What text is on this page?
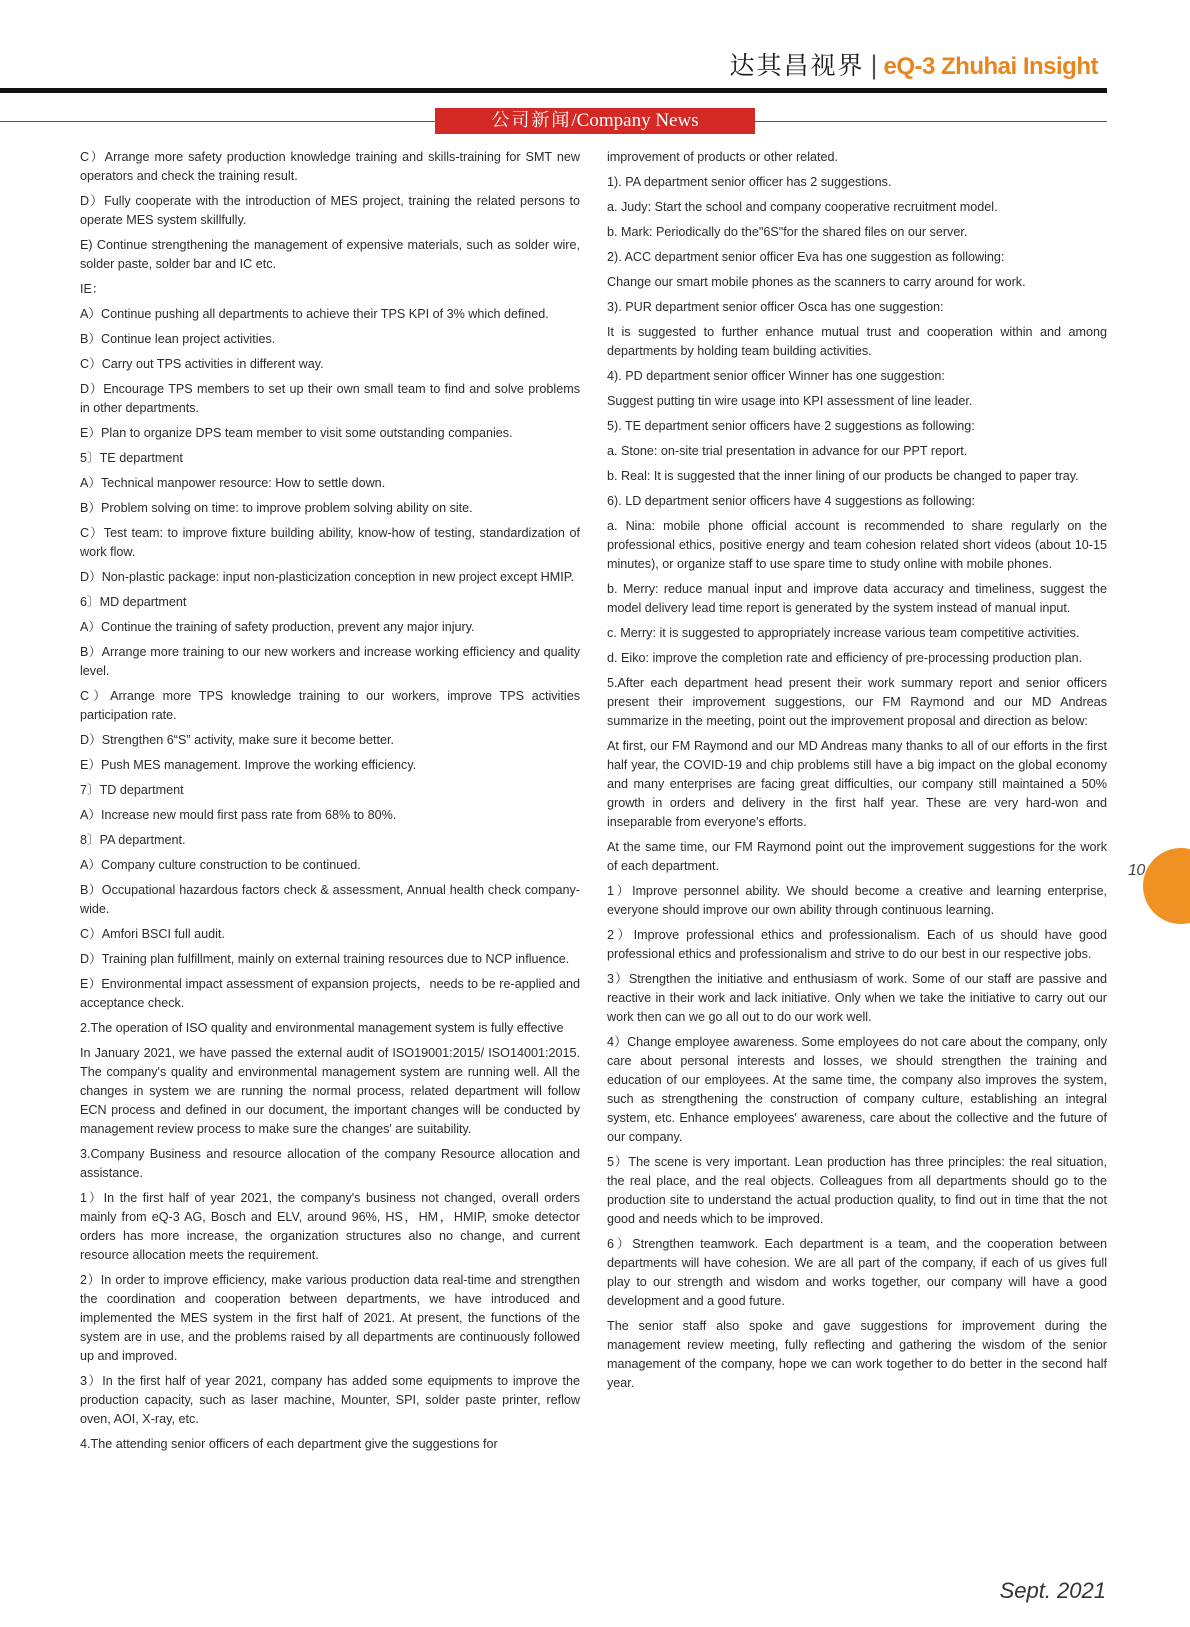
达其昌视界 | eQ-3 Zhuhai Insight
公司新闻/Company News

C）Arrange more safety production knowledge training and skills-training for SMT new operators and check the training result.

D）Fully cooperate with the introduction of MES project, training the related persons to operate MES system skillfully.

E) Continue strengthening the management of expensive materials, such as solder wire, solder paste, solder bar and IC etc.

IE：

A）Continue pushing all departments to achieve their TPS KPI of 3% which defined.

B）Continue lean project activities.

C）Carry out TPS activities in different way.

D）Encourage TPS members to set up their own small team to find and solve problems in other departments.

E）Plan to organize DPS team member to visit some outstanding companies.

5〕TE department

A）Technical manpower resource: How to settle down.

B）Problem solving on time: to improve problem solving ability on site.

C）Test team: to improve fixture building ability, know-how of testing, standardization of work flow.

D）Non-plastic package: input non-plasticization conception in new project except HMIP.

6〕MD department

A）Continue the training of safety production, prevent any major injury.

B）Arrange more training to our new workers and increase working efficiency and quality level.

C）Arrange more TPS knowledge training to our workers, improve TPS activities participation rate.

D）Strengthen 6“S” activity, make sure it become better.

E）Push MES management. Improve the working efficiency.

7〕TD department

A）Increase new mould first pass rate from 68% to 80%.

8〕PA department.

A）Company culture construction to be continued.

B）Occupational hazardous factors check & assessment, Annual health check company-wide.

C）Amfori BSCI full audit.

D）Training plan fulfillment, mainly on external training resources due to NCP influence.

E）Environmental impact assessment of expansion projects，needs to be re-applied and acceptance check.

2.The operation of ISO quality and environmental management system is fully effective

In January 2021, we have passed the external audit of ISO19001:2015/ ISO14001:2015. The company's quality and environmental management system are running well. All the changes in system we are running the normal process, related department will follow ECN process and defined in our document, the important changes will be conducted by management review process to make sure the changes' are suitability.

3.Company Business and resource allocation of the company Resource allocation and assistance.

1）In the first half of year 2021, the company's business not changed, overall orders mainly from eQ-3 AG, Bosch and ELV, around 96%, HS，HM，HMIP, smoke detector orders has more increase, the organization structures also no change, and current resource allocation meets the requirement.

2）In order to improve efficiency, make various production data real-time and strengthen the coordination and cooperation between departments, we have introduced and implemented the MES system in the first half of 2021. At present, the functions of the system are in use, and the problems raised by all departments are continuously followed up and improved.

3）In the first half of year 2021, company has added some equipments to improve the production capacity, such as laser machine, Mounter, SPI, solder paste printer, reflow oven, AOI, X-ray, etc.

4.The attending senior officers of each department give the suggestions for

improvement of products or other related.

1). PA department senior officer has 2 suggestions.

a. Judy: Start the school and company cooperative recruitment model.

b. Mark: Periodically do the"6S"for the shared files on our server.

2). ACC department senior officer Eva has one suggestion as following:

Change our smart mobile phones as the scanners to carry around for work.

3). PUR department senior officer Osca has one suggestion:

It is suggested to further enhance mutual trust and cooperation within and among departments by holding team building activities.

4). PD department senior officer Winner has one suggestion:

Suggest putting tin wire usage into KPI assessment of line leader.

5). TE department senior officers have 2 suggestions as following:

a. Stone: on-site trial presentation in advance for our PPT report.

b. Real: It is suggested that the inner lining of our products be changed to paper tray.

6). LD department senior officers have 4 suggestions as following:

a. Nina: mobile phone official account is recommended to share regularly on the professional ethics, positive energy and team cohesion related short videos (about 10-15 minutes), or organize staff to use spare time to study online with mobile phones.

b. Merry: reduce manual input and improve data accuracy and timeliness, suggest the model delivery lead time report is generated by the system instead of manual input.

c. Merry: it is suggested to appropriately increase various team competitive activities.

d. Eiko: improve the completion rate and efficiency of pre-processing production plan.

5.After each department head present their work summary report and senior officers present their improvement suggestions, our FM Raymond and our MD Andreas summarize in the meeting, point out the improvement proposal and direction as below:

At first, our FM Raymond and our MD Andreas many thanks to all of our efforts in the first half year, the COVID-19 and chip problems still have a big impact on the global economy and many enterprises are facing great difficulties, our company still maintained a 50% growth in orders and delivery in the first half year. These are very hard-won and inseparable from everyone's efforts.

At the same time, our FM Raymond point out the improvement suggestions for the work of each department.

1）Improve personnel ability. We should become a creative and learning enterprise, everyone should improve our own ability through continuous learning.

2）Improve professional ethics and professionalism. Each of us should have good professional ethics and professionalism and strive to do our best in our respective jobs.

3）Strengthen the initiative and enthusiasm of work. Some of our staff are passive and reactive in their work and lack initiative. Only when we take the initiative to carry out our work then can we go all out to do our work well.

4）Change employee awareness. Some employees do not care about the company, only care about personal interests and losses, we should strengthen the training and education of our employees. At the same time, the company also improves the system, such as strengthening the construction of company culture, establishing an integral system, etc. Enhance employees' awareness, care about the collective and the future of our company.

5）The scene is very important. Lean production has three principles: the real situation, the real place, and the real objects. Colleagues from all departments should go to the production site to understand the actual production quality, to find out in time that the not good and needs which to be improved.

6）Strengthen teamwork. Each department is a team, and the cooperation between departments will have cohesion. We are all part of the company, if each of us gives full play to our strength and wisdom and works together, our company will have a good development and a good future.

The senior staff also spoke and gave suggestions for improvement during the management review meeting, fully reflecting and gathering the wisdom of the senior management of the company, hope we can work together to do better in the second half year.

10
Sept. 2021
